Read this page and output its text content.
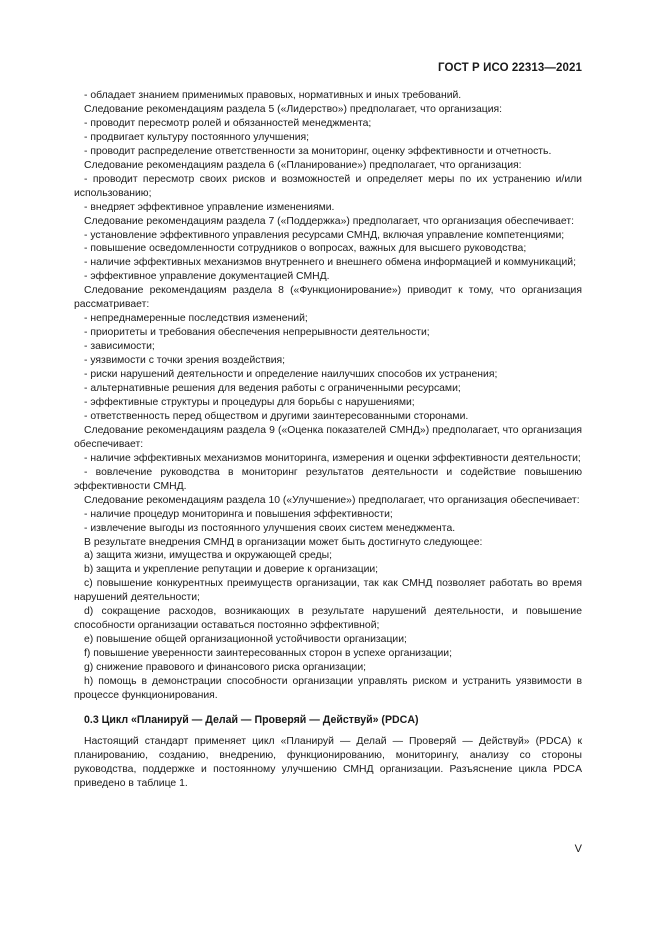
ГОСТ Р ИСО 22313—2021

- обладает знанием применимых правовых, нормативных и иных требований.

Следование рекомендациям раздела 5 («Лидерство») предполагает, что организация:

- проводит пересмотр ролей и обязанностей менеджмента;

- продвигает культуру постоянного улучшения;

- проводит распределение ответственности за мониторинг, оценку эффективности и отчетность.

Следование рекомендациям раздела 6 («Планирование») предполагает, что организация:

- проводит пересмотр своих рисков и возможностей и определяет меры по их устранению и/или использованию;

- внедряет эффективное управление изменениями.

Следование рекомендациям раздела 7 («Поддержка») предполагает, что организация обеспечивает:

- установление эффективного управления ресурсами СМНД, включая управление компетенциями;

- повышение осведомленности сотрудников о вопросах, важных для высшего руководства;

- наличие эффективных механизмов внутреннего и внешнего обмена информацией и коммуникаций;

- эффективное управление документацией СМНД.

Следование рекомендациям раздела 8 («Функционирование») приводит к тому, что организация рассматривает:

- непреднамеренные последствия изменений;

- приоритеты и требования обеспечения непрерывности деятельности;

- зависимости;

- уязвимости с точки зрения воздействия;

- риски нарушений деятельности и определение наилучших способов их устранения;

- альтернативные решения для ведения работы с ограниченными ресурсами;

- эффективные структуры и процедуры для борьбы с нарушениями;

- ответственность перед обществом и другими заинтересованными сторонами.

Следование рекомендациям раздела 9 («Оценка показателей СМНД») предполагает, что организация обеспечивает:

- наличие эффективных механизмов мониторинга, измерения и оценки эффективности деятельности;

- вовлечение руководства в мониторинг результатов деятельности и содействие повышению эффективности СМНД.

Следование рекомендациям раздела 10 («Улучшение») предполагает, что организация обеспечивает:

- наличие процедур мониторинга и повышения эффективности;

- извлечение выгоды из постоянного улучшения своих систем менеджмента.

В результате внедрения СМНД в организации может быть достигнуто следующее:

a) защита жизни, имущества и окружающей среды;

b) защита и укрепление репутации и доверие к организации;

c) повышение конкурентных преимуществ организации, так как СМНД позволяет работать во время нарушений деятельности;

d) сокращение расходов, возникающих в результате нарушений деятельности, и повышение способности организации оставаться постоянно эффективной;

e) повышение общей организационной устойчивости организации;

f) повышение уверенности заинтересованных сторон в успехе организации;

g) снижение правового и финансового риска организации;

h) помощь в демонстрации способности организации управлять риском и устранить уязвимости в процессе функционирования.

0.3 Цикл «Планируй — Делай — Проверяй — Действуй» (PDCA)

Настоящий стандарт применяет цикл «Планируй — Делай — Проверяй — Действуй» (PDCA) к планированию, созданию, внедрению, функционированию, мониторингу, анализу со стороны руководства, поддержке и постоянному улучшению СМНД организации. Разъяснение цикла PDCA приведено в таблице 1.

V
